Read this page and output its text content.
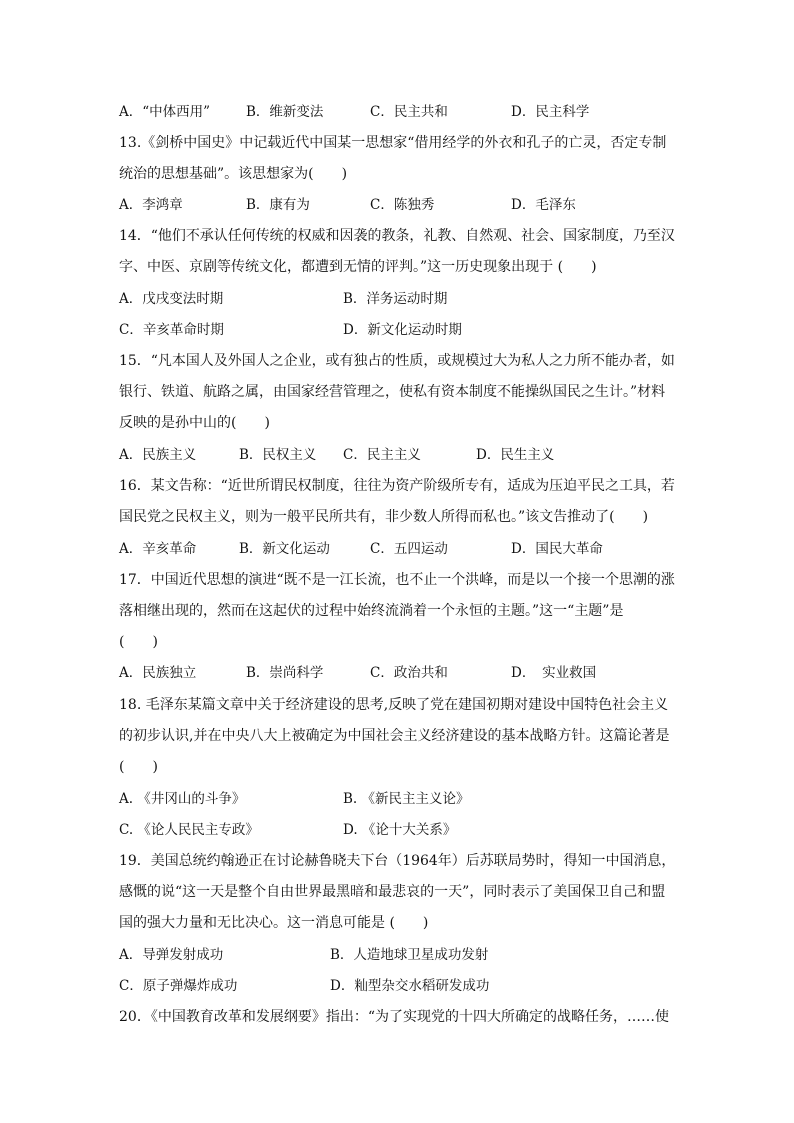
A．“中体西用”	B．维新变法	C．民主共和	D．民主科学
13.《剑桥中国史》中记载近代中国某一思想家“借用经学的外衣和孔子的亡灵，否定专制
统治的思想基础”。该思想家为(　　)
A．李鸿章	B．康有为	C．陈独秀	D．毛泽东
14．“他们不承认任何传统的权威和因袭的教条，礼教、自然观、社会、国家制度，乃至汉
字、中医、京剧等传统文化，都遭到无情的评判。”这一历史现象出现于 (　　)
A．戊戌变法时期	B．洋务运动时期
C．辛亥革命时期	D．新文化运动时期
15．“凡本国人及外国人之企业，或有独占的性质，或规模过大为私人之力所不能办者，如
银行、铁道、航路之属，由国家经营管理之，使私有资本制度不能操纵国民之生计。”材料
反映的是孙中山的(　　)
A．民族主义	B．民权主义 C．民主主义	D．民生主义
16．某文告称：“近世所谓民权制度，往往为资产阶级所专有，适成为压迫平民之工具，若
国民党之民权主义，则为一般平民所共有，非少数人所得而私也。”该文告推动了(　　)
A．辛亥革命	B．新文化运动	C．五四运动	D．国民大革命
17．中国近代思想的演进“既不是一江长流，也不止一个洪峰，而是以一个接一个思潮的涨
落相继出现的，然而在这起伏的过程中始终流淌着一个永恒的主题。”这一“主题”是
(　　)
A．民族独立	B．崇尚科学	C．政治共和	D．　实业救国
18. 毛泽东某篇文章中关于经济建设的思考,反映了党在建国初期对建设中国特色社会主义
的初步认识,并在中央八大上被确定为中国社会主义经济建设的基本战略方针。这篇论著是
(　　)
A. 《井冈山的斗争》	B. 《新民主主义论》
C. 《论人民民主专政》	D. 《论十大关系》
19．美国总统约翰逊正在讨论赫鲁晓夫下台（1964年）后苏联局势时，得知一中国消息，
感慨的说“这一天是整个自由世界最黑暗和最悲哀的一天”，同时表示了美国保卫自己和盟
国的强大力量和无比决心。这一消息可能是 (　　)
A．导弹发射成功	B．人造地球卫星成功发射
C．原子弹爆炸成功	D．籼型杂交水稻研发成功
20．《中国教育改革和发展纲要》指出：“为了实现党的十四大所确定的战略任务，……使
